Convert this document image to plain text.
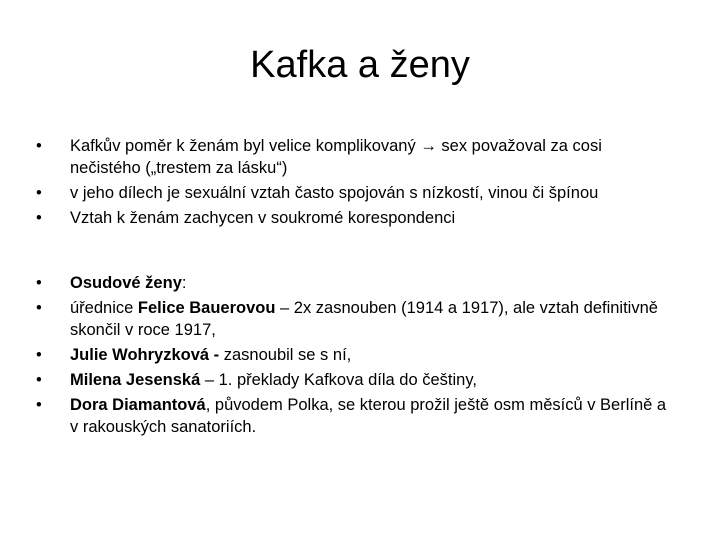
Kafka a ženy
• Kafkův poměr k ženám byl velice komplikovaný → sex považoval za cosi nečistého („trestem za lásku“)
• v jeho dílech je sexuální vztah často spojován s nízkostí, vinou či špínou
• Vztah k ženám zachycen v soukromé korespondenci
• Osudové ženy:
• úřednice Felice Bauerovou – 2x zasnouben (1914 a 1917), ale vztah definitivně skončil v roce 1917,
• Julie Wohryzková - zasnoubil se s ní,
• Milena Jesenská – 1. překlady Kafkova díla do češtiny,
• Dora Diamantová, původem Polka, se kterou prožil ještě osm měsíců v Berlíně a v rakouských sanatoriích.
